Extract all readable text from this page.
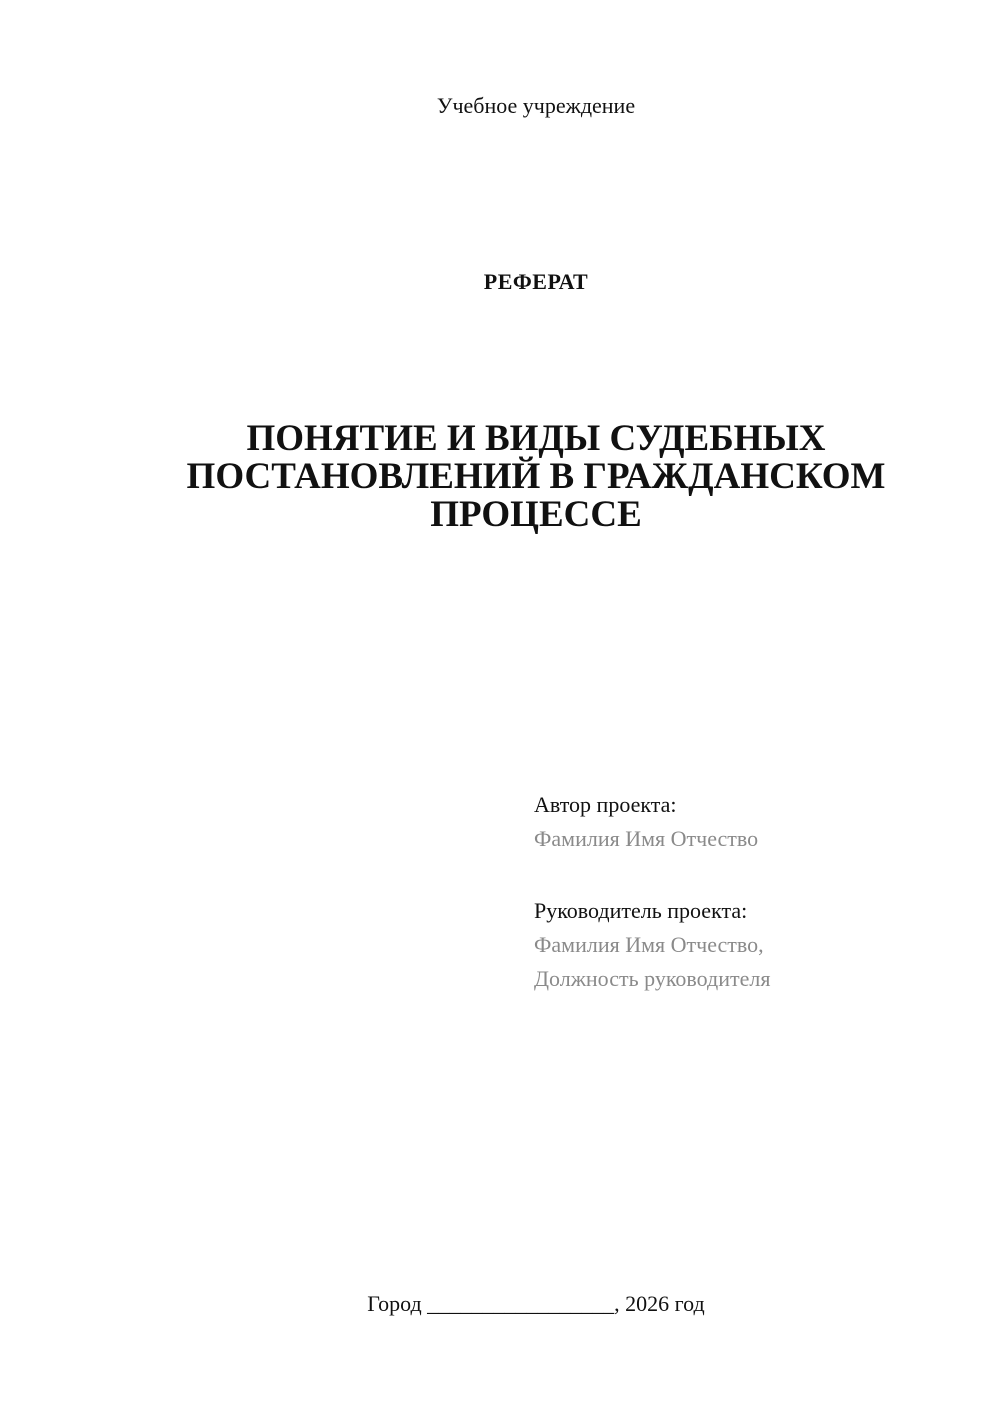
Учебное учреждение
РЕФЕРАТ
ПОНЯТИЕ И ВИДЫ СУДЕБНЫХ
ПОСТАНОВЛЕНИЙ В ГРАЖДАНСКОМ
ПРОЦЕССЕ
Автор проекта:
Фамилия Имя Отчество
Руководитель проекта:
Фамилия Имя Отчество,
Должность руководителя
Город _________________, 2026 год
